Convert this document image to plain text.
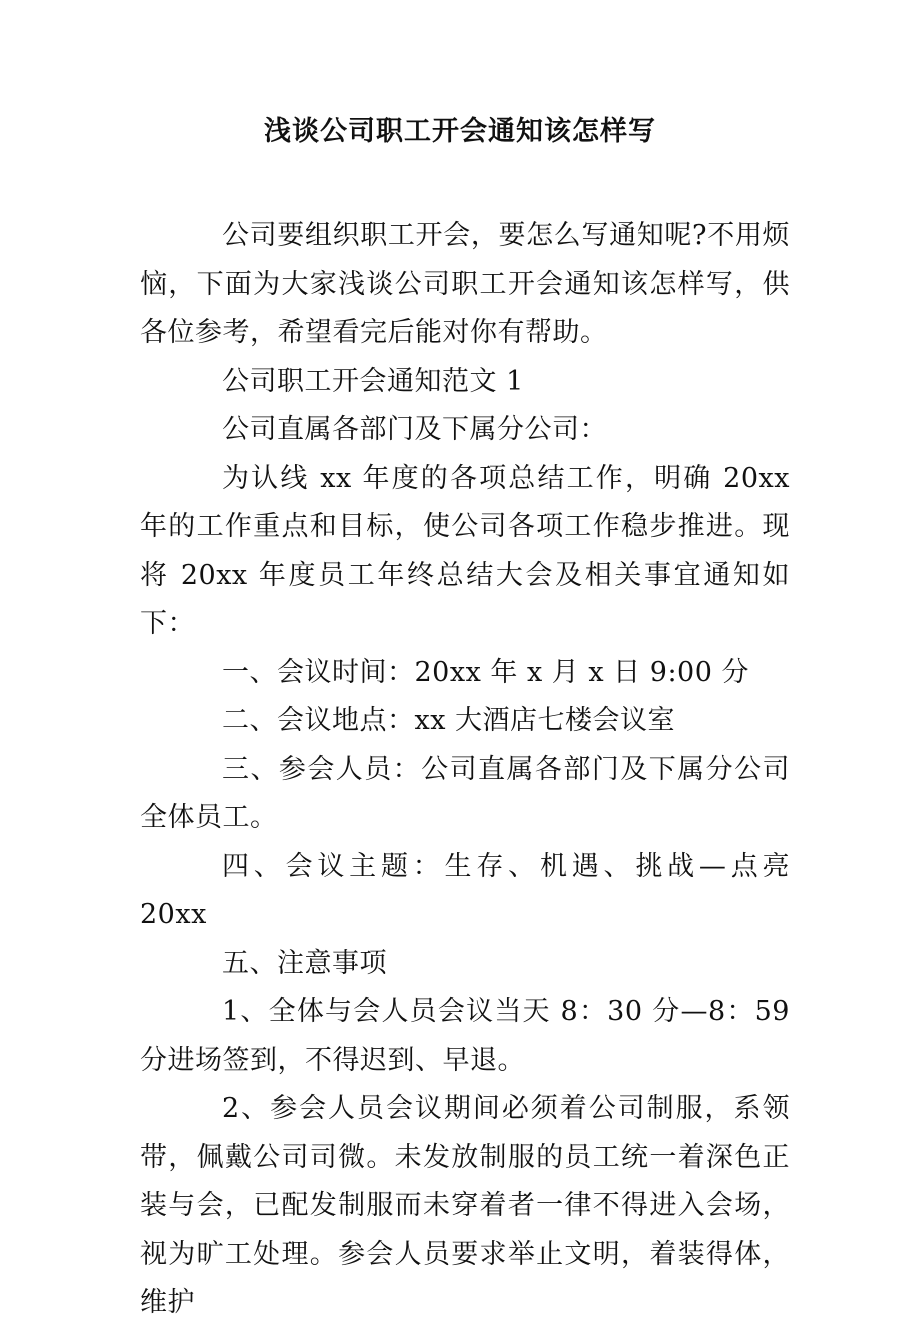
浅谈公司职工开会通知该怎样写

公司要组织职工开会，要怎么写通知呢?不用烦恼，下面为大家浅谈公司职工开会通知该怎样写，供各位参考，希望看完后能对你有帮助。

公司职工开会通知范文 1

公司直属各部门及下属分公司：

为认线 xx 年度的各项总结工作，明确 20xx 年的工作重点和目标，使公司各项工作稳步推进。现将 20xx 年度员工年终总结大会及相关事宜通知如下：

一、会议时间：20xx 年 x 月 x 日 9:00 分

二、会议地点：xx 大酒店七楼会议室

三、参会人员：公司直属各部门及下属分公司全体员工。

四、会议主题：生存、机遇、挑战—点亮 20xx

五、注意事项

1、全体与会人员会议当天 8：30 分—8：59 分进场签到，不得迟到、早退。

2、参会人员会议期间必须着公司制服，系领带，佩戴公司司微。未发放制服的员工统一着深色正装与会，已配发制服而未穿着者一律不得进入会场，视为旷工处理。参会人员要求举止文明，着装得体，维护
